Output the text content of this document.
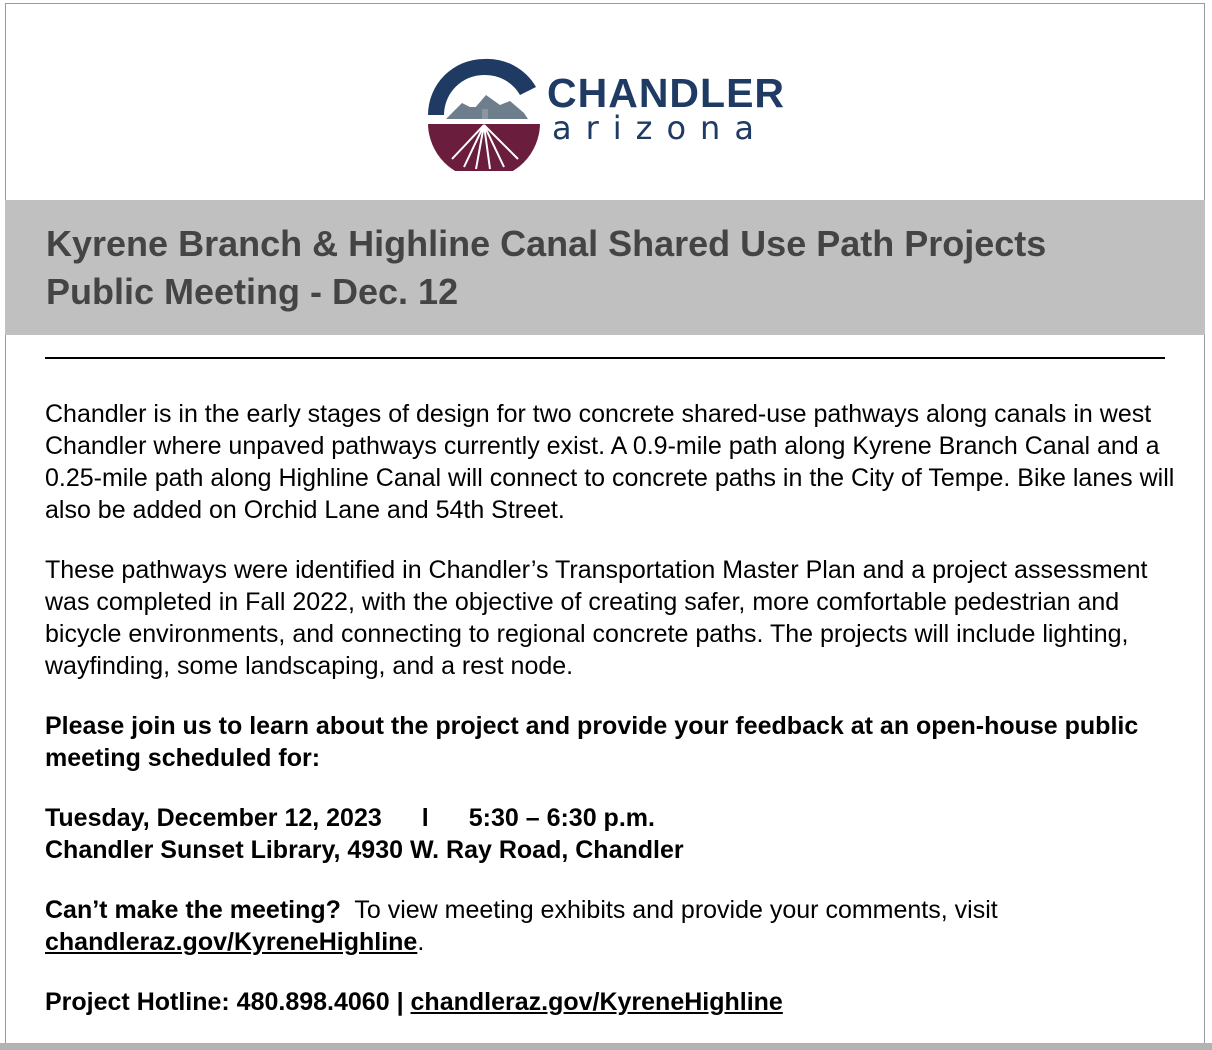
CHANDLER
arizona
Kyrene Branch & Highline Canal Shared Use Path Projects
Public Meeting - Dec. 12

Chandler is in the early stages of design for two concrete shared-use pathways along canals in west Chandler where unpaved pathways currently exist. A 0.9-mile path along Kyrene Branch Canal and a 0.25-mile path along Highline Canal will connect to concrete paths in the City of Tempe. Bike lanes will also be added on Orchid Lane and 54th Street.

These pathways were identified in Chandler’s Transportation Master Plan and a project assessment was completed in Fall 2022, with the objective of creating safer, more comfortable pedestrian and bicycle environments, and connecting to regional concrete paths. The projects will include lighting, wayfinding, some landscaping, and a rest node.

Please join us to learn about the project and provide your feedback at an open-house public meeting scheduled for:

Tuesday, December 12, 2023 l 5:30 – 6:30 p.m.
Chandler Sunset Library, 4930 W. Ray Road, Chandler

Can’t make the meeting? To view meeting exhibits and provide your comments, visit chandleraz.gov/KyreneHighline.

Project Hotline: 480.898.4060 | chandleraz.gov/KyreneHighline
